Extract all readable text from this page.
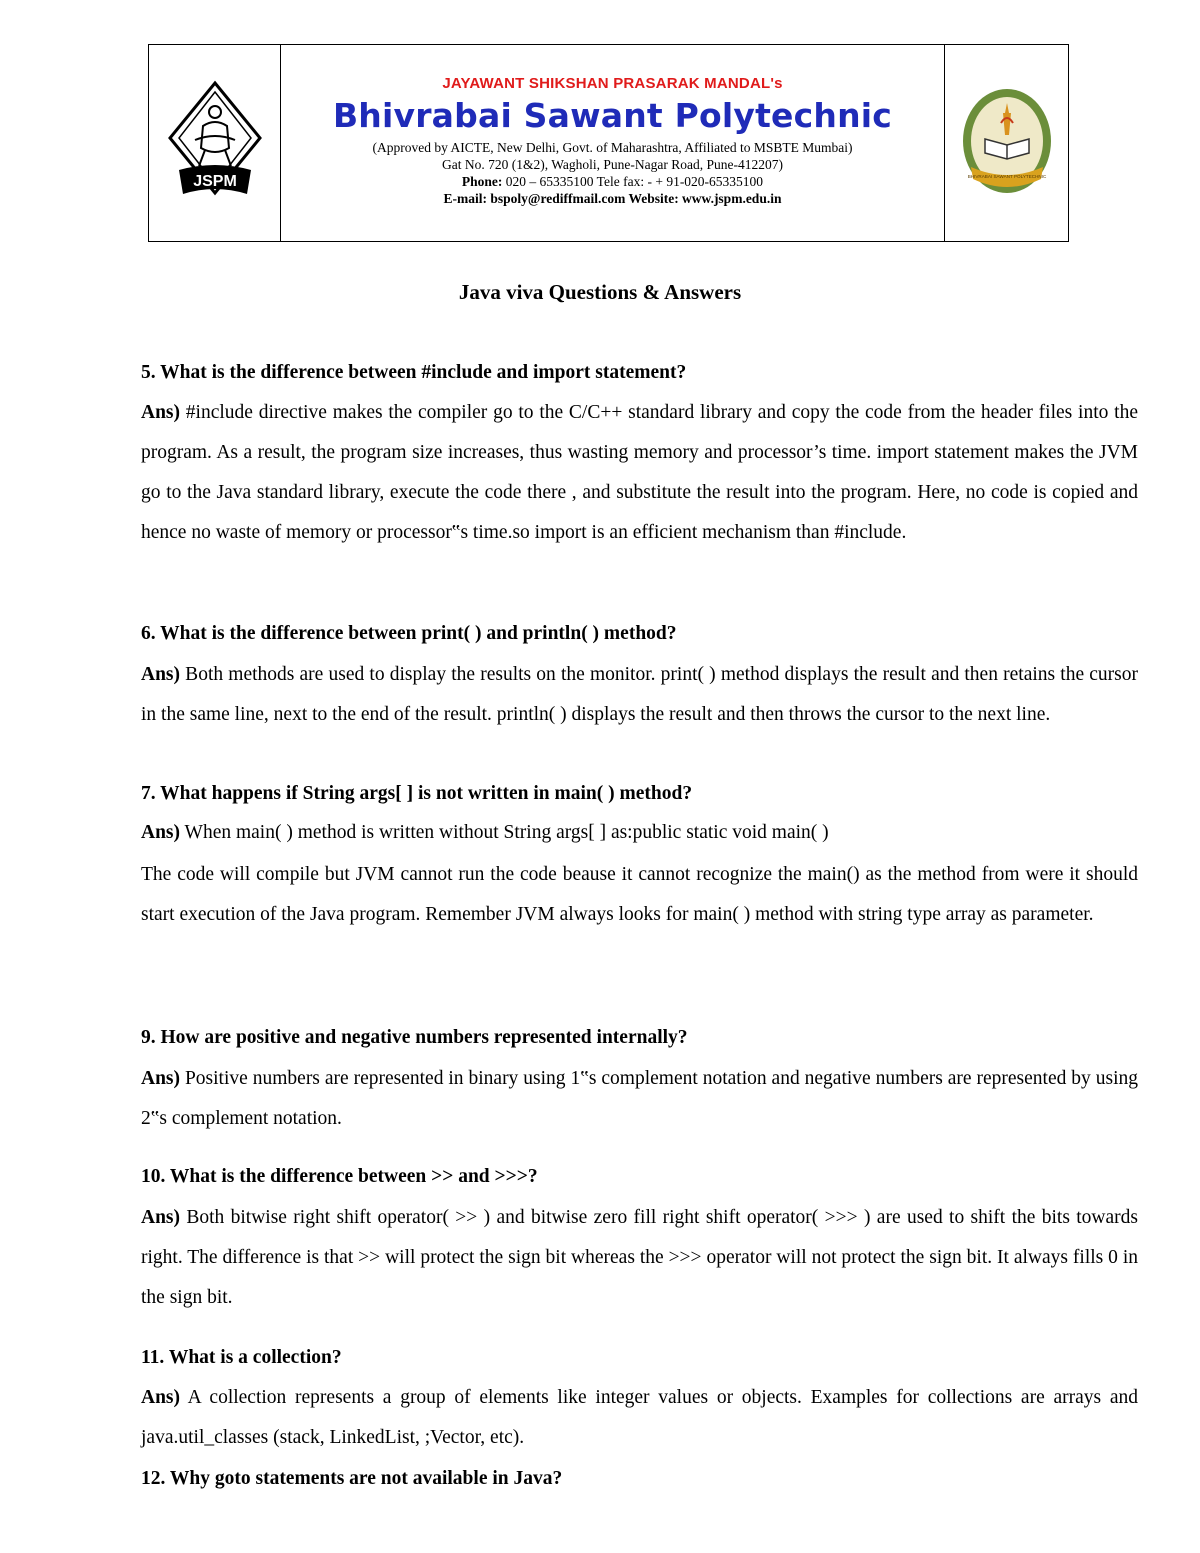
JSPM
JAYAWANT SHIKSHAN PRASARAK MANDAL's
Bhivrabai Sawant Polytechnic
(Approved by AICTE, New Delhi, Govt. of Maharashtra, Affiliated to MSBTE Mumbai)
Gat No. 720 (1&2), Wagholi, Pune-Nagar Road, Pune-412207)
Phone: 020 – 65335100 Tele fax: - + 91-020-65335100
E-mail: bspoly@rediffmail.com Website: www.jspm.edu.in
BHIVRABAI SAWANT POLYTECHNIC
Java viva Questions & Answers

5. What is the difference between #include and import statement?

Ans) #include directive makes the compiler go to the C/C++ standard library and copy the code from the header files into the program. As a result, the program size increases, thus wasting memory and processor’s time. import statement makes the JVM go to the Java standard library, execute the code there , and substitute the result into the program. Here, no code is copied and hence no waste of memory or processor‟s time.so import is an efficient mechanism than #include.

6. What is the difference between print( ) and println( ) method?

Ans) Both methods are used to display the results on the monitor. print( ) method displays the result and then retains the cursor in the same line, next to the end of the result. println( ) displays the result and then throws the cursor to the next line.

7. What happens if String args[ ] is not written in main( ) method?

Ans) When main( ) method is written without String args[ ] as:public static void main( )

The code will compile but JVM cannot run the code beause it cannot recognize the main() as the method from were it should start execution of the Java program. Remember JVM always looks for main( ) method with string type array as parameter.

9. How are positive and negative numbers represented internally?

Ans) Positive numbers are represented in binary using 1‟s complement notation and negative numbers are represented by using 2‟s complement notation.

10. What is the difference between >> and >>>?

Ans) Both bitwise right shift operator( >> ) and bitwise zero fill right shift operator( >>> ) are used to shift the bits towards right. The difference is that >> will protect the sign bit whereas the >>> operator will not protect the sign bit. It always fills 0 in the sign bit.

11. What is a collection?

Ans) A collection represents a group of elements like integer values or objects. Examples for collections are arrays and java.util_classes (stack, LinkedList, ;Vector, etc).

12. Why goto statements are not available in Java?
